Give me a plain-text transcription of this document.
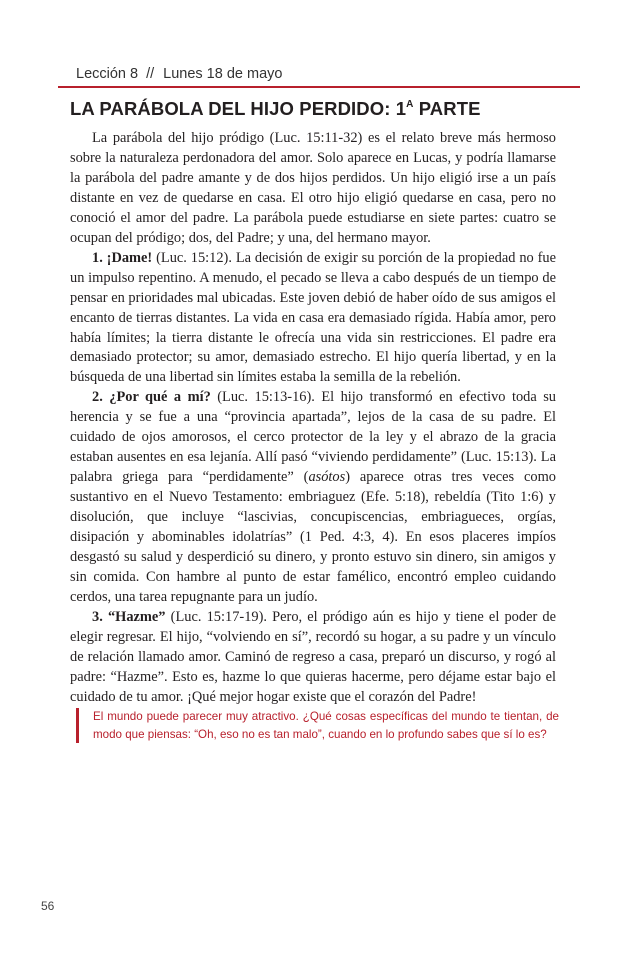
Lección 8 // Lunes 18 de mayo
LA PARÁBOLA DEL HIJO PERDIDO: $1^A$ PARTE

La parábola del hijo pródigo (Luc. 15:11-32) es el relato breve más hermoso sobre la naturaleza perdonadora del amor. Solo aparece en Lucas, y podría llamarse la parábola del padre amante y de dos hijos perdidos. Un hijo eligió irse a un país distante en vez de quedarse en casa. El otro hijo eligió quedarse en casa, pero no conoció el amor del padre. La parábola puede estudiarse en siete partes: cuatro se ocupan del pródigo; dos, del Padre; y una, del hermano mayor.

1. ¡Dame! (Luc. 15:12). La decisión de exigir su porción de la propiedad no fue un impulso repentino. A menudo, el pecado se lleva a cabo después de un tiempo de pensar en prioridades mal ubicadas. Este joven debió de haber oído de sus amigos el encanto de tierras distantes. La vida en casa era demasiado rígida. Había amor, pero había límites; la tierra distante le ofrecía una vida sin restricciones. El padre era demasiado protector; su amor, demasiado estrecho. El hijo quería libertad, y en la búsqueda de una libertad sin límites estaba la semilla de la rebelión.

2. ¿Por qué a mí? (Luc. 15:13-16). El hijo transformó en efectivo toda su herencia y se fue a una “provincia apartada”, lejos de la casa de su padre. El cuidado de ojos amorosos, el cerco protector de la ley y el abrazo de la gracia estaban ausentes en esa lejanía. Allí pasó “viviendo perdidamente” (Luc. 15:13). La palabra griega para “perdidamente” (asótos) aparece otras tres veces como sustantivo en el Nuevo Testamento: embriaguez (Efe. 5:18), rebeldía (Tito 1:6) y disolución, que incluye “lascivias, concupiscencias, embriagueces, orgías, disipación y abominables idolatrías” (1 Ped. 4:3, 4). En esos placeres impíos desgastó su salud y desperdició su dinero, y pronto estuvo sin dinero, sin amigos y sin comida. Con hambre al punto de estar famélico, encontró empleo cuidando cerdos, una tarea repugnante para un judío.

3. “Hazme” (Luc. 15:17-19). Pero, el pródigo aún es hijo y tiene el poder de elegir regresar. El hijo, “volviendo en sí”, recordó su hogar, a su padre y un vínculo de relación llamado amor. Caminó de regreso a casa, preparó un discurso, y rogó al padre: “Hazme”. Esto es, hazme lo que quieras hacerme, pero déjame estar bajo el cuidado de tu amor. ¡Qué mejor hogar existe que el corazón del Padre!

El mundo puede parecer muy atractivo. ¿Qué cosas específicas del mundo te tientan, de modo que piensas: “Oh, eso no es tan malo”, cuando en lo profundo sabes que sí lo es?
56
